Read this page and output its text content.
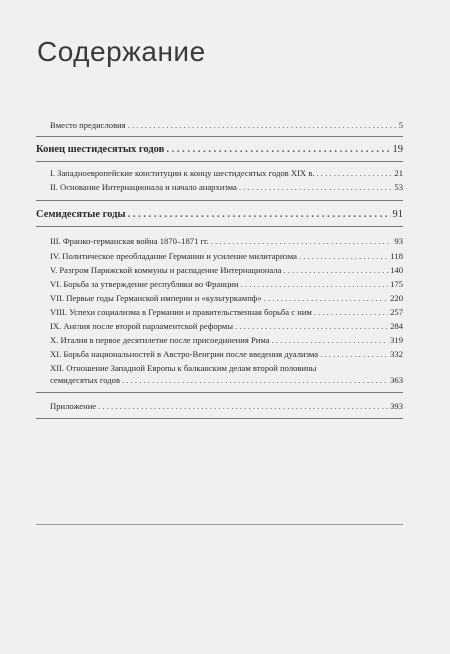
Содержание
Вместо предисловия . . .	5
Конец шестидесятых годов . . .	19
I. Западноевропейские конституции к концу шестидесятых годов XIX в. . . .	21
II. Основание Интернационала и начало анархизма . . .	53
Семидесятые годы . . .	91
III. Франко-германская война 1870–1871 гг. . . .	93
IV. Политическое преобладание Германии и усиление милитаризма . . .	118
V. Разгром Парижской коммуны и распадение Интернационала . . .	140
VI. Борьба за утверждение республики во Франции . . .	175
VII. Первые годы Германской империи и «культуркампф» . . .	220
VIII. Успехи социализма в Германии и правительственная борьба с ним . . .	257
IX. Англия после второй парламентской реформы . . .	284
X. Италия в первое десятилетие после присоединения Рима . . .	319
XI. Борьба национальностей в Австро-Венгрии после введения дуализма . . .	332
XII. Отношение Западной Европы к балканским делам второй половины
семидесятых годов . . .	363
Приложение . . .	393
